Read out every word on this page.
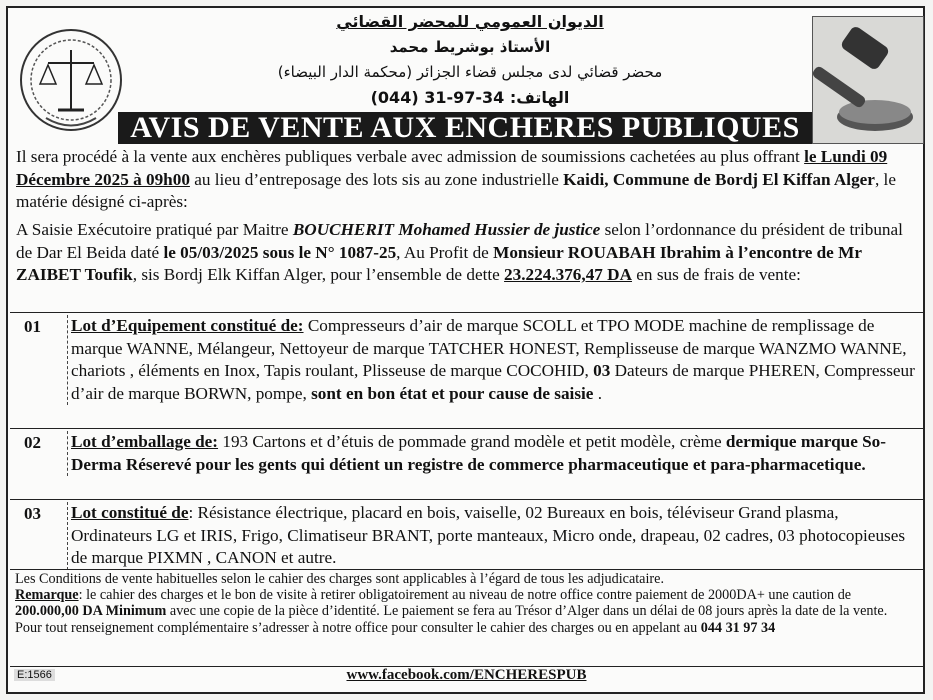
الديوان العمومي للمحضر القضائي
الأستاذ بوشريط محمد
محضر قضائي لدى مجلس قضاء الجزائر (محكمة الدار البيضاء)
الهاتف: (044) 31-97-34
AVIS DE VENTE AUX ENCHERES PUBLIQUES
Il sera procédé à la vente aux enchères publiques verbale avec admission de soumissions cachetées au plus offrant le Lundi 09 Décembre 2025 à 09h00 au lieu d’entreposage des lots sis au zone industrielle Kaidi, Commune de Bordj El Kiffan Alger, le matérie désigné ci-après:
A Saisie Exécutoire pratiqué par Maitre BOUCHERIT Mohamed Hussier de justice selon l’ordonnance du président de tribunal de Dar El Beida daté le 05/03/2025 sous le N° 1087-25, Au Profit de Monsieur ROUABAH Ibrahim à l’encontre de Mr ZAIBET Toufik, sis Bordj Elk Kiffan Alger, pour l’ensemble de dette 23.224.376,47 DA en sus de frais de vente:
01 Lot d’Equipement constitué de: Compresseurs d’air de marque SCOLL et TPO MODE machine de remplissage de marque WANNE, Mélangeur, Nettoyeur de marque TATCHER HONEST, Remplisseuse de marque WANZMO WANNE, chariots , éléments en Inox, Tapis roulant, Plisseuse de marque COCOHID, 03 Dateurs de marque PHEREN, Compresseur d’air de marque BORWN, pompe, sont en bon état et pour cause de saisie .
02 Lot d’emballage de: 193 Cartons et d’étuis de pommade grand modèle et petit modèle, crème dermique marque So-Derma Réserevé pour les gents qui détient un registre de commerce pharmaceutique et para-pharmacetique.
03 Lot constitué de: Résistance électrique, placard en bois, vaiselle, 02 Bureaux en bois, téléviseur Grand plasma, Ordinateurs LG et IRIS, Frigo, Climatiseur BRANT, porte manteaux, Micro onde, drapeau, 02 cadres, 03 photocopieuses de marque PIXMN , CANON et autre.
Les Conditions de vente habituelles selon le cahier des charges sont applicables à l’égard de tous les adjudicataire.
Remarque: le cahier des charges et le bon de visite à retirer obligatoirement au niveau de notre office contre paiement de 2000DA+ une caution de 200.000,00 DA Minimum avec une copie de la pièce d’identité. Le paiement se fera au Trésor d’Alger dans un délai de 08 jours après la date de la vente. Pour tout renseignement complémentaire s’adresser à notre office pour consulter le cahier des charges ou en appelant au 044 31 97 34
E:1566	www.facebook.com/ENCHERESPUB
